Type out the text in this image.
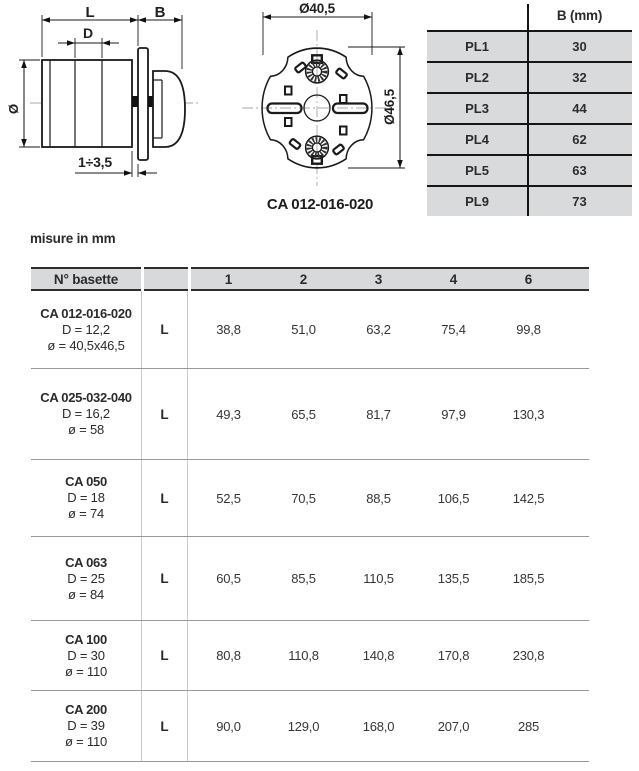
L	B
D
Ø
1÷3,5
Ø40,5
Ø46,5
CA 012-016-020
B (mm)
PL1	30
PL2	32
PL3	44
PL4	62
PL5	63
PL9	73
misure in mm
N° basette	1	2	3	4	6
CA 012-016-020
D = 12,2
ø = 40,5x46,5
L	38,8	51,0	63,2	75,4	99,8
CA 025-032-040
D = 16,2
ø = 58
L	49,3	65,5	81,7	97,9	130,3
CA 050
D = 18
ø = 74
L	52,5	70,5	88,5	106,5	142,5
CA 063
D = 25
ø = 84
L	60,5	85,5	110,5	135,5	185,5
CA 100
D = 30
ø = 110
L	80,8	110,8	140,8	170,8	230,8
CA 200
D = 39
ø = 110
L	90,0	129,0	168,0	207,0	285
